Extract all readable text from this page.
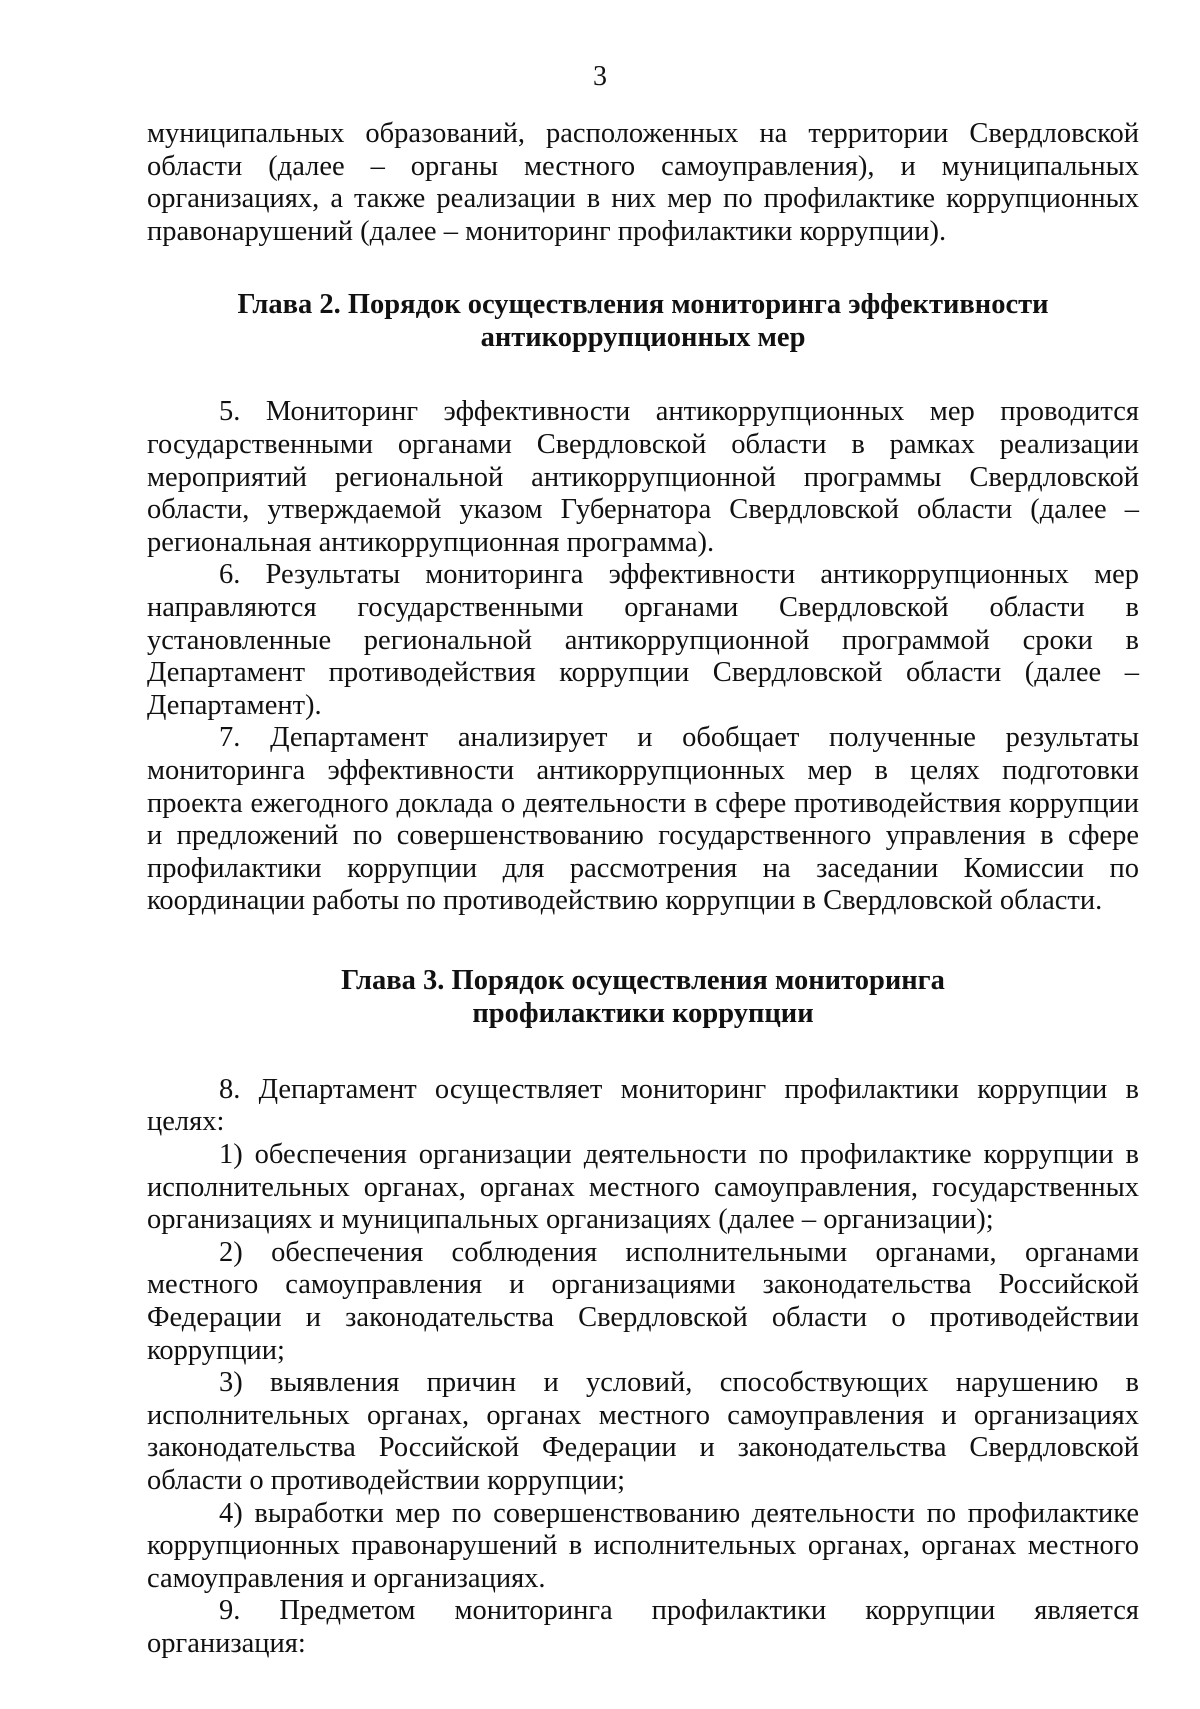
3

муниципальных образований, расположенных на территории Свердловской области (далее – органы местного самоуправления), и муниципальных организациях, а также реализации в них мер по профилактике коррупционных правонарушений (далее – мониторинг профилактики коррупции).

Глава 2. Порядок осуществления мониторинга эффективности
антикоррупционных мер

5. Мониторинг эффективности антикоррупционных мер проводится государственными органами Свердловской области в рамках реализации мероприятий региональной антикоррупционной программы Свердловской области, утверждаемой указом Губернатора Свердловской области (далее – региональная антикоррупционная программа).

6. Результаты мониторинга эффективности антикоррупционных мер направляются государственными органами Свердловской области в установленные региональной антикоррупционной программой сроки в Департамент противодействия коррупции Свердловской области (далее – Департамент).

7. Департамент анализирует и обобщает полученные результаты мониторинга эффективности антикоррупционных мер в целях подготовки проекта ежегодного доклада о деятельности в сфере противодействия коррупции и предложений по совершенствованию государственного управления в сфере профилактики коррупции для рассмотрения на заседании Комиссии по координации работы по противодействию коррупции в Свердловской области.

Глава 3. Порядок осуществления мониторинга
профилактики коррупции

8. Департамент осуществляет мониторинг профилактики коррупции в целях:

1) обеспечения организации деятельности по профилактике коррупции в исполнительных органах, органах местного самоуправления, государственных организациях и муниципальных организациях (далее – организации);

2) обеспечения соблюдения исполнительными органами, органами местного самоуправления и организациями законодательства Российской Федерации и законодательства Свердловской области о противодействии коррупции;

3) выявления причин и условий, способствующих нарушению в исполнительных органах, органах местного самоуправления и организациях законодательства Российской Федерации и законодательства Свердловской области о противодействии коррупции;

4) выработки мер по совершенствованию деятельности по профилактике коррупционных правонарушений в исполнительных органах, органах местного самоуправления и организациях.

9. Предметом мониторинга профилактики коррупции является организация:
